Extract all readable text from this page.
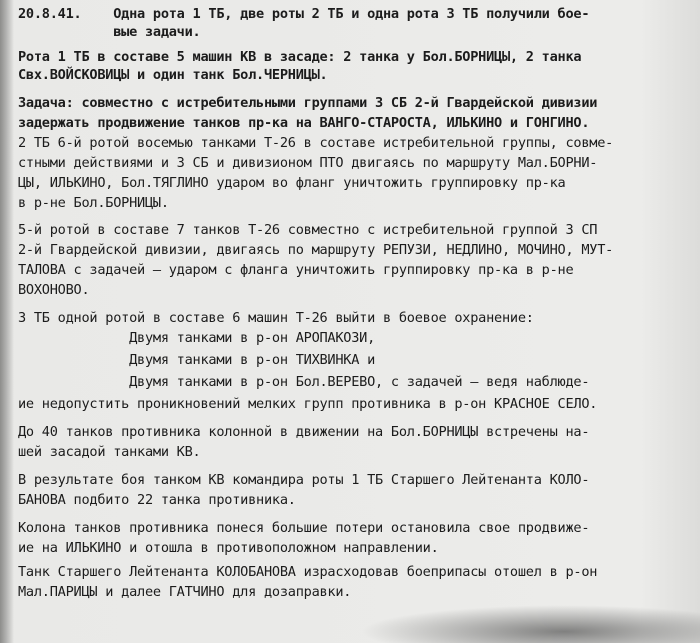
20.8.41.    Одна рота 1 ТБ, две роты 2 ТБ и одна рота 3 ТБ получили бое-
вые задачи.
Рота 1 ТБ в составе 5 машин КВ в засаде: 2 танка у Бол.БОРНИЦЫ, 2 танка
Свх.ВОЙСКОВИЦЫ и один танк Бол.ЧЕРНИЦЫ.
Задача: совместно с истребительными группами 3 СБ 2-й Гвардейской дивизии
задержать продвижение танков пр-ка на ВАНГО-СТАРОСТА, ИЛЬКИНО и ГОНГИНО.
2 ТБ 6-й ротой восемью танками Т-26 в составе истребительной группы, совме-
стными действиями и 3 СБ и дивизионом ПТО двигаясь по маршруту Мал.БОРНИ-
ЦЫ, ИЛЬКИНО, Бол.ТЯГЛИНО ударом во фланг уничтожить группировку пр-ка
в р-не Бол.БОРНИЦЫ.
5-й ротой в составе 7 танков Т-26 совместно с истребительной группой 3 СП
2-й Гвардейской дивизии, двигаясь по маршруту РЕПУЗИ, НЕДЛИНО, МОЧИНО, МУТ-
ТАЛОВА с задачей – ударом с фланга уничтожить группировку пр-ка в р-не
ВОХОНОВО.
3 ТБ одной ротой в составе 6 машин Т-26 выйти в боевое охранение:
Двумя танками в р-он АРОПАКОЗИ,
Двумя танками в р-он ТИХВИНКА и
Двумя танками в р-он Бол.ВЕРЕВО, с задачей – ведя наблюде-
ие недопустить проникновений мелких групп противника в р-он КРАСНОЕ СЕЛО.
До 40 танков противника колонной в движении на Бол.БОРНИЦЫ встречены на-
шей засадой танками КВ.
В результате боя танком КВ командира роты 1 ТБ Старшего Лейтенанта КОЛО-
БАНОВА подбито 22 танка противника.
Колона танков противника понеся большие потери остановила свое продвиже-
ие на ИЛЬКИНО и отошла в противоположном направлении.
Танк Старшего Лейтенанта КОЛОБАНОВА израсходовав боеприпасы отошел в р-он
Мал.ПАРИЦЫ и далее ГАТЧИНО для дозаправки.
